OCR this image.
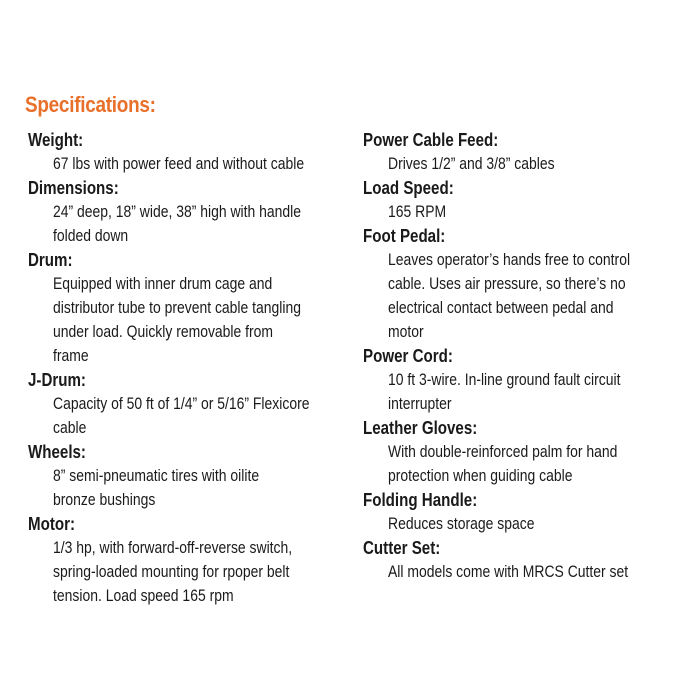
Specifications:
Weight:
67 lbs with power feed and without cable
Dimensions:
24” deep, 18” wide, 38” high with handle
folded down
Drum:
Equipped with inner drum cage and
distributor tube to prevent cable tangling
under load. Quickly removable from
frame
J-Drum:
Capacity of 50 ft of 1/4” or 5/16” Flexicore
cable
Wheels:
8” semi-pneumatic tires with oilite
bronze bushings
Motor:
1/3 hp, with forward-off-reverse switch,
spring-loaded mounting for rpoper belt
tension. Load speed 165 rpm
Power Cable Feed:
Drives 1/2” and 3/8” cables
Load Speed:
165 RPM
Foot Pedal:
Leaves operator’s hands free to control
cable. Uses air pressure, so there’s no
electrical contact between pedal and
motor
Power Cord:
10 ft 3-wire. In-line ground fault circuit
interrupter
Leather Gloves:
With double-reinforced palm for hand
protection when guiding cable
Folding Handle:
Reduces storage space
Cutter Set:
All models come with MRCS Cutter set
